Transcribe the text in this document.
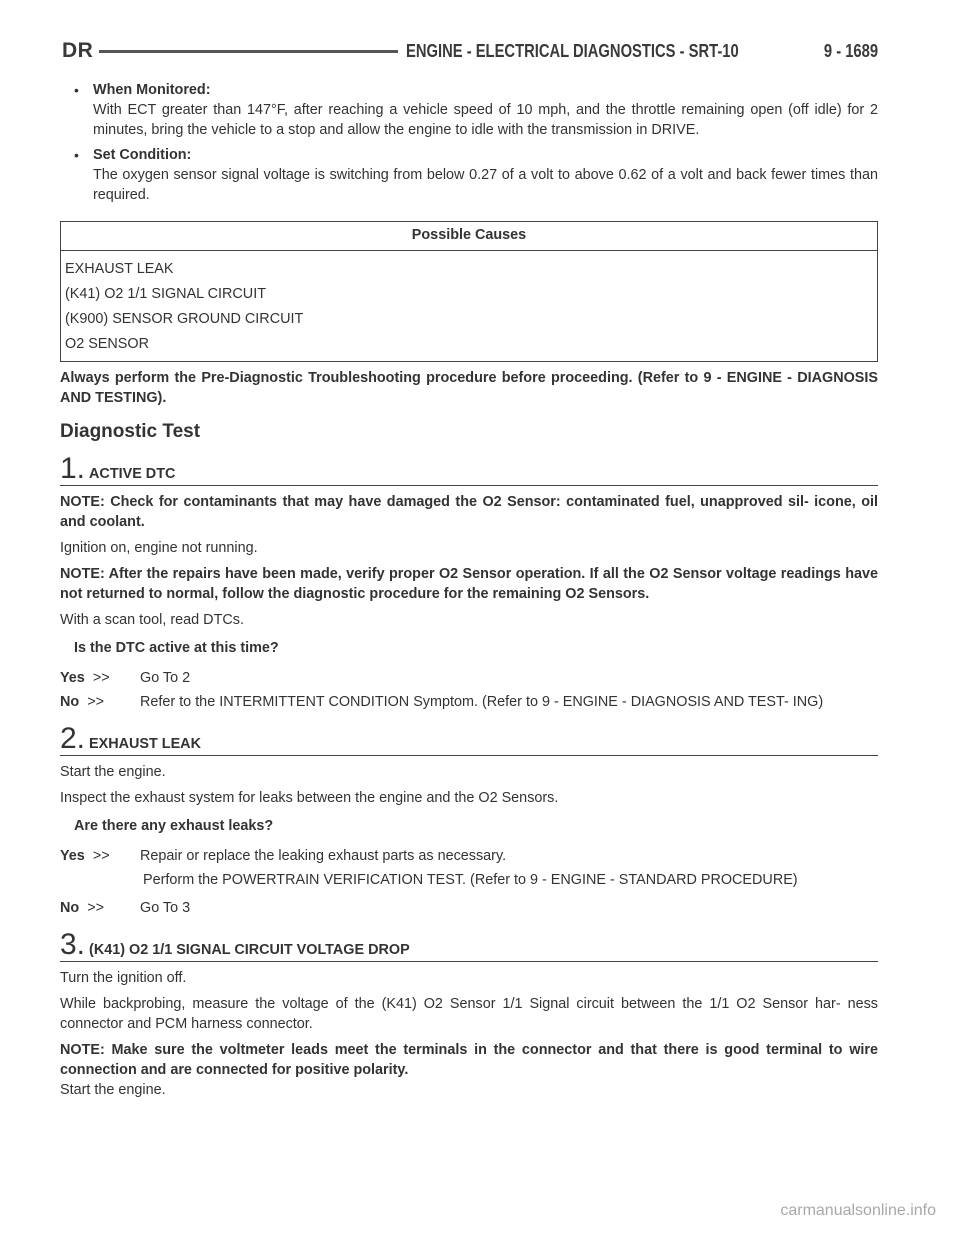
DR	ENGINE - ELECTRICAL DIAGNOSTICS - SRT-10	9 - 1689
• When Monitored:
With ECT greater than 147°F, after reaching a vehicle speed of 10 mph, and the throttle remaining open (off idle) for 2 minutes, bring the vehicle to a stop and allow the engine to idle with the transmission in DRIVE.
• Set Condition:
The oxygen sensor signal voltage is switching from below 0.27 of a volt to above 0.62 of a volt and back fewer times than required.
Possible Causes
EXHAUST LEAK
(K41) O2 1/1 SIGNAL CIRCUIT
(K900) SENSOR GROUND CIRCUIT
O2 SENSOR

Always perform the Pre-Diagnostic Troubleshooting procedure before proceeding. (Refer to 9 - ENGINE - DIAGNOSIS AND TESTING).

Diagnostic Test
1. ACTIVE DTC

NOTE: Check for contaminants that may have damaged the O2 Sensor: contaminated fuel, unapproved sil- icone, oil and coolant.

Ignition on, engine not running.

NOTE: After the repairs have been made, verify proper O2 Sensor operation. If all the O2 Sensor voltage readings have not returned to normal, follow the diagnostic procedure for the remaining O2 Sensors.

With a scan tool, read DTCs.

Is the DTC active at this time?
Yes >>	Go To 2
No >>	Refer to the INTERMITTENT CONDITION Symptom. (Refer to 9 - ENGINE - DIAGNOSIS AND TEST- ING)
2. EXHAUST LEAK

Start the engine.

Inspect the exhaust system for leaks between the engine and the O2 Sensors.

Are there any exhaust leaks?
Yes >>	Repair or replace the leaking exhaust parts as necessary.
Perform the POWERTRAIN VERIFICATION TEST. (Refer to 9 - ENGINE - STANDARD PROCEDURE)
No >>	Go To 3
3. (K41) O2 1/1 SIGNAL CIRCUIT VOLTAGE DROP

Turn the ignition off.

While backprobing, measure the voltage of the (K41) O2 Sensor 1/1 Signal circuit between the 1/1 O2 Sensor har- ness connector and PCM harness connector.

NOTE: Make sure the voltmeter leads meet the terminals in the connector and that there is good terminal to wire connection and are connected for positive polarity.

Start the engine.

carmanualsonline.info
